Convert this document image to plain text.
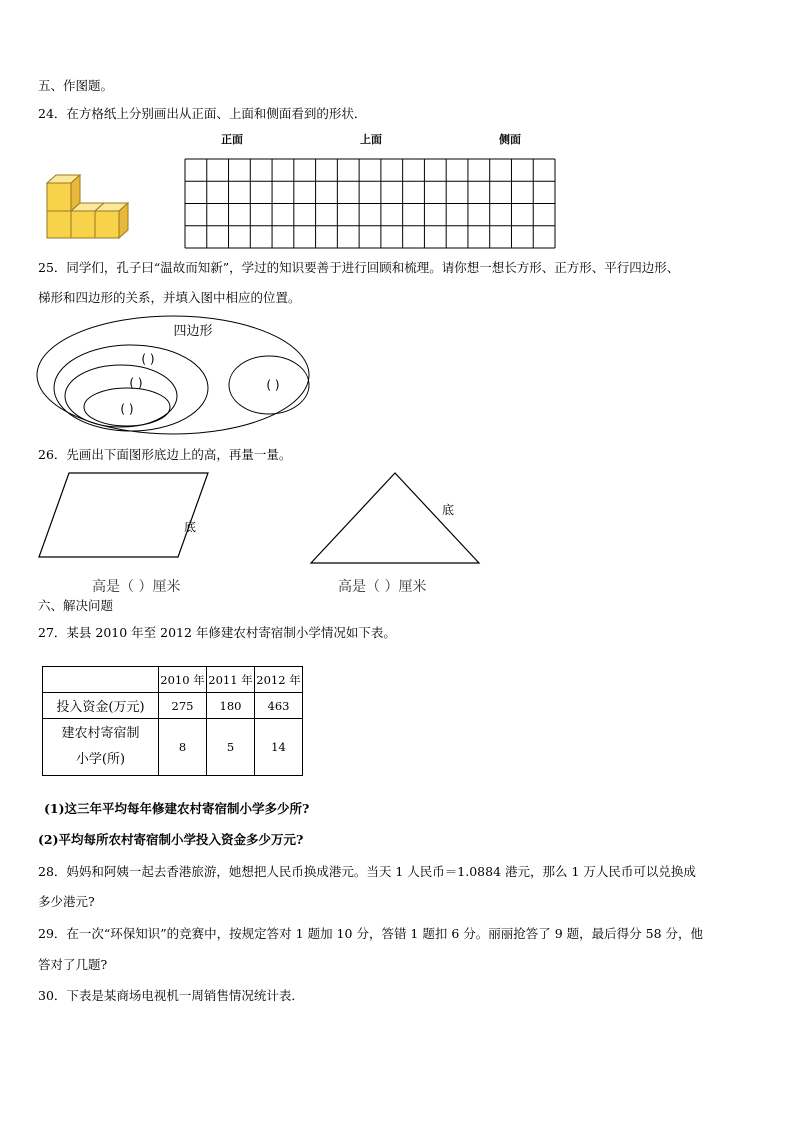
五、作图题。
24．在方格纸上分别画出从正面、上面和侧面看到的形状．
正面	上面	侧面
25．同学们，孔子曰“温故而知新”，学过的知识要善于进行回顾和梳理。请你想一想长方形、正方形、平行四边形、
梯形和四边形的关系，并填入图中相应的位置。
四边形
( )
( )
( )
( )
26．先画出下面图形底边上的高，再量一量。
底
高是（ ）厘米
底
高是（ ）厘米
六、解决问题
27．某县 2010 年至 2012 年修建农村寄宿制小学情况如下表。
	2010 年	2011 年	2012 年
投入资金(万元)	275	180	463

建农村寄宿制
小学(所)	8	5	14
(1)这三年平均每年修建农村寄宿制小学多少所?
(2)平均每所农村寄宿制小学投入资金多少万元?
28．妈妈和阿姨一起去香港旅游，她想把人民币换成港元。当天 1 人民币＝1.0884 港元，那么 1 万人民币可以兑换成
多少港元?
29．在一次“环保知识”的竞赛中，按规定答对 1 题加 10 分，答错 1 题扣 6 分。丽丽抢答了 9 题，最后得分 58 分，他
答对了几题?
30．下表是某商场电视机一周销售情况统计表．
